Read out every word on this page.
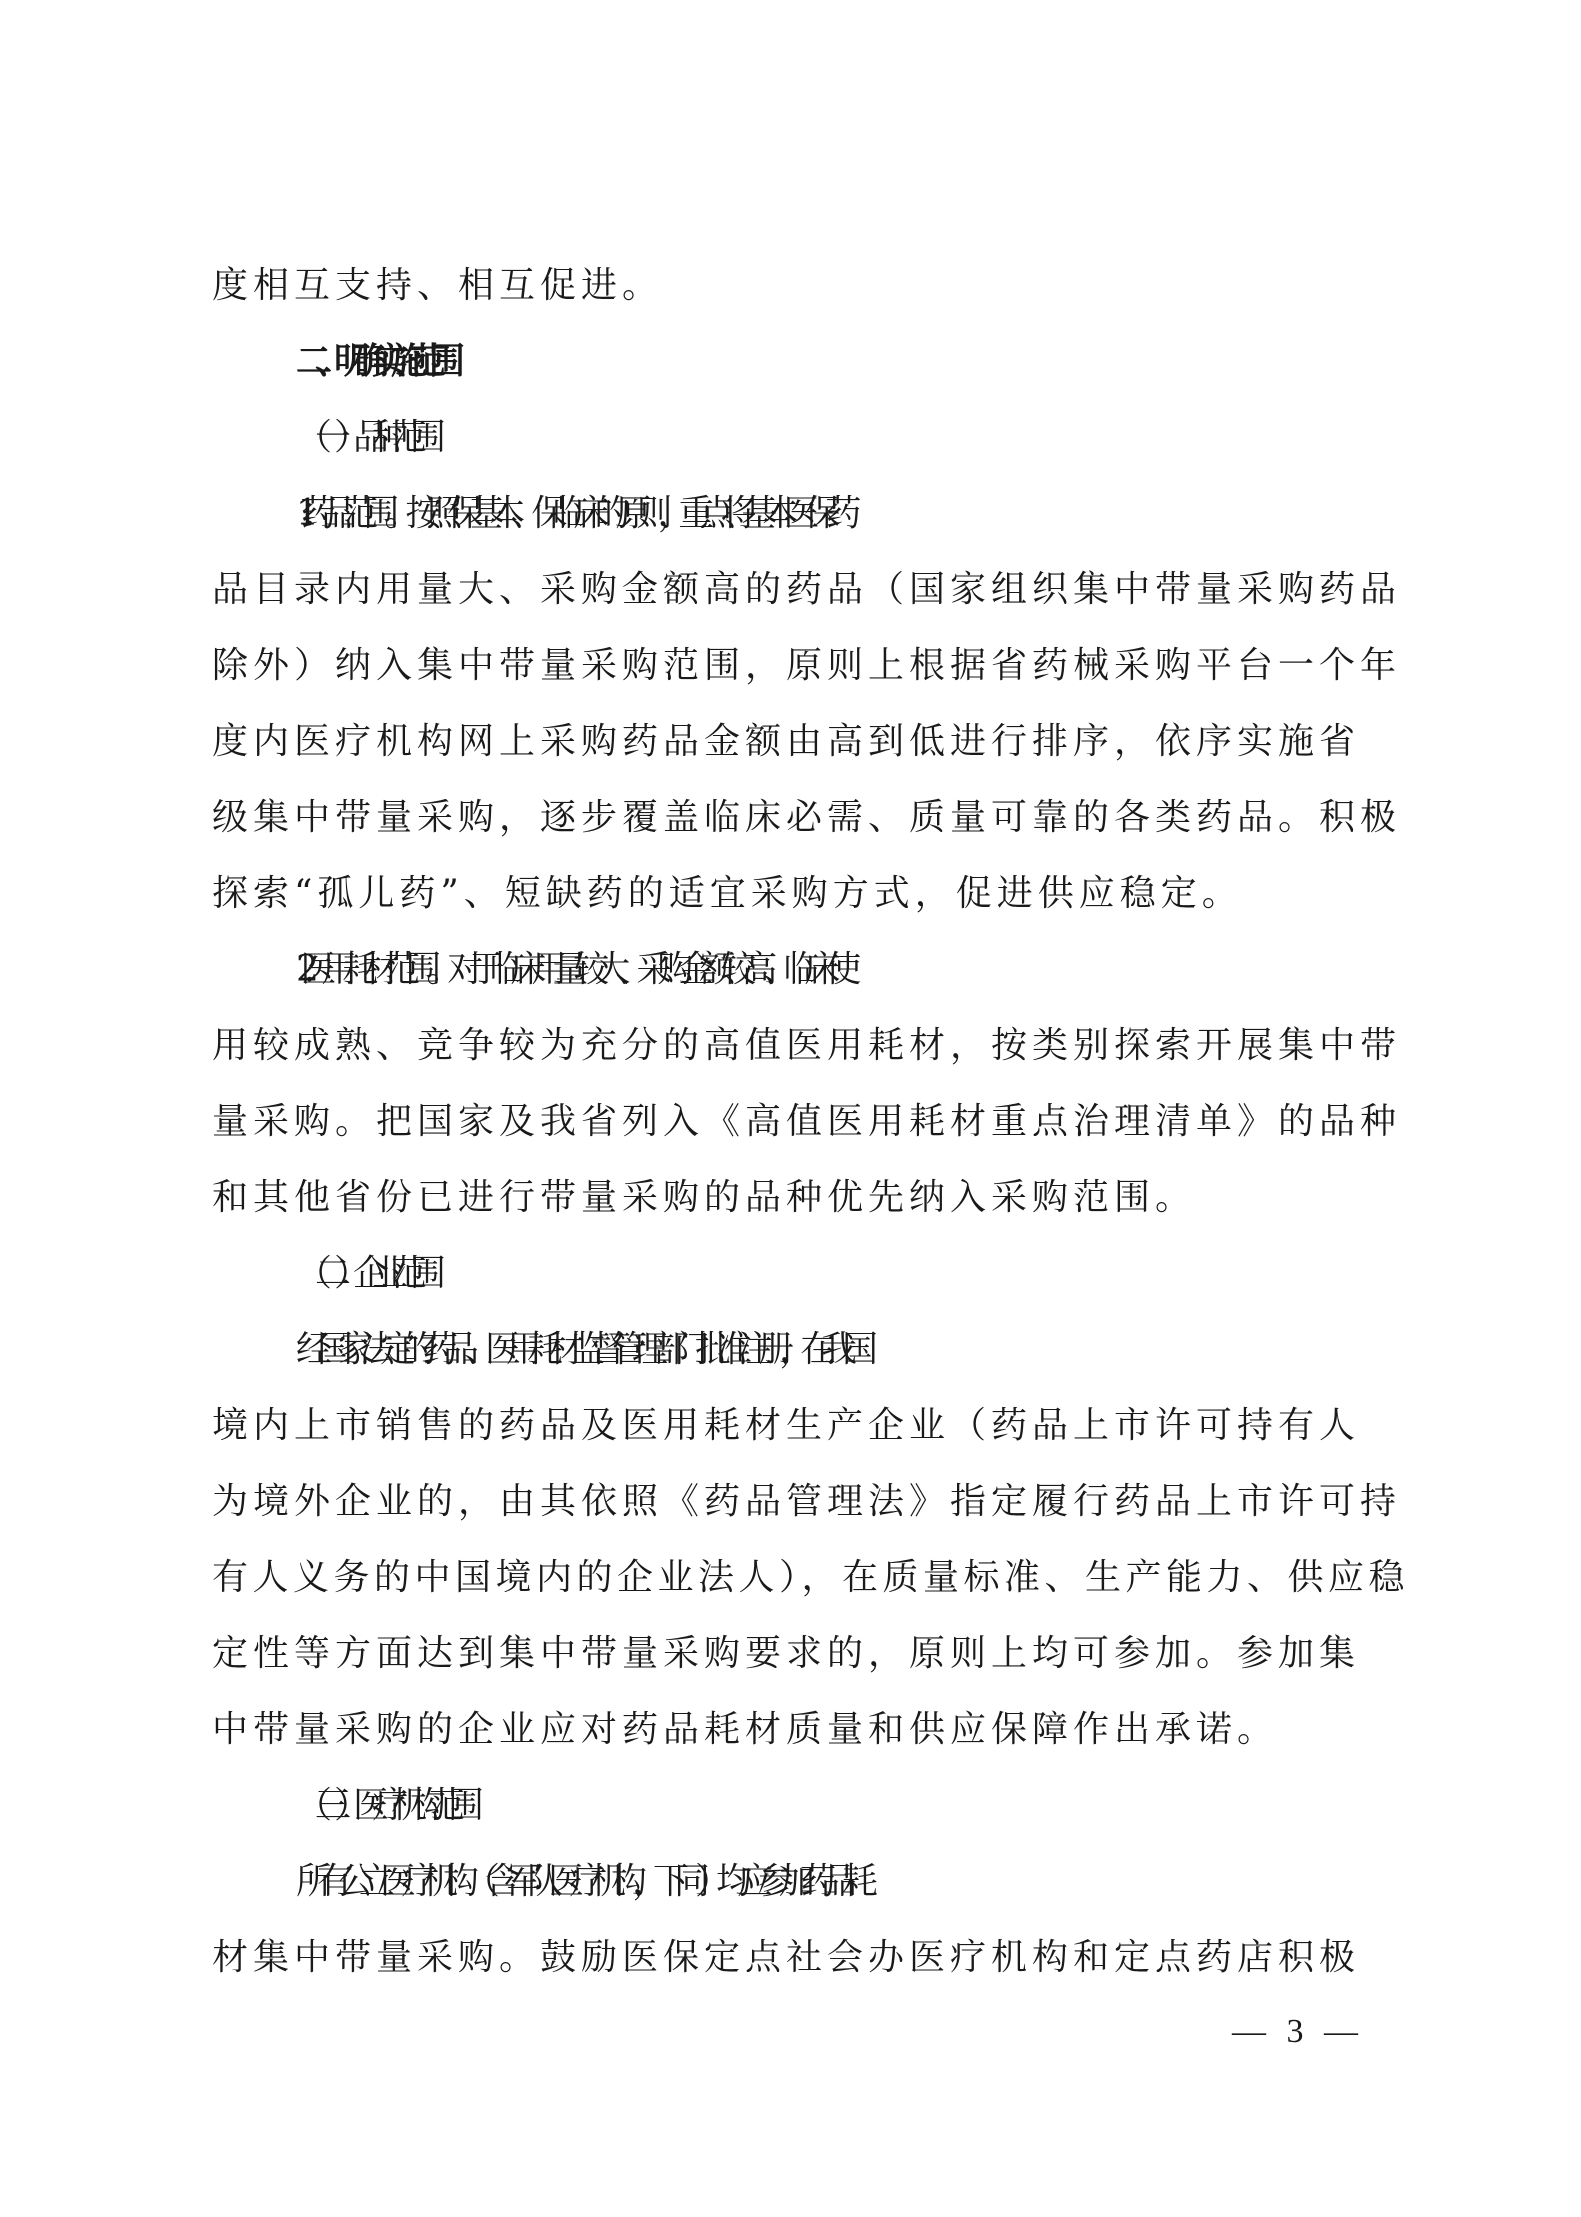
度相互支持、相互促进。
二、明确实施范围
（一）品种范围
1.药品范围。按照保基本、保临床的原则，重点将基本医保药
品目录内用量大、采购金额高的药品（国家组织集中带量采购药品
除外）纳入集中带量采购范围，原则上根据省药械采购平台一个年
度内医疗机构网上采购药品金额由高到低进行排序，依序实施省
级集中带量采购，逐步覆盖临床必需、质量可靠的各类药品。积极
探索“孤儿药”、短缺药的适宜采购方式，促进供应稳定。
2.医用耗材范围。对于临床用量较大、采购金额较高、临床使
用较成熟、竞争较为充分的高值医用耗材，按类别探索开展集中带
量采购。把国家及我省列入《高值医用耗材重点治理清单》的品种
和其他省份已进行带量采购的品种优先纳入采购范围。
（二）企业范围
经国家法定的药品、医用耗材监督管理部门批准注册，在我国
境内上市销售的药品及医用耗材生产企业（药品上市许可持有人
为境外企业的，由其依照《药品管理法》指定履行药品上市许可持
有人义务的中国境内的企业法人），在质量标准、生产能力、供应稳
定性等方面达到集中带量采购要求的，原则上均可参加。参加集
中带量采购的企业应对药品耗材质量和供应保障作出承诺。
（三）医疗机构范围
所有公立医疗机构（含军队医疗机构，下同）均应参加药品耗
材集中带量采购。鼓励医保定点社会办医疗机构和定点药店积极
— 3 —
